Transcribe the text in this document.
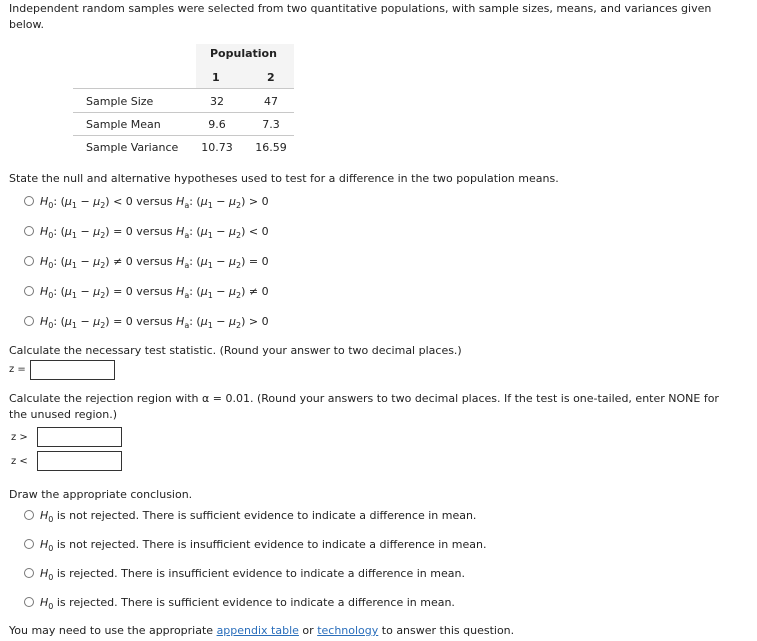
Independent random samples were selected from two quantitative populations, with sample sizes, means, and variances given below.
Population
1	2
Sample Size	32	47
Sample Mean	9.6	7.3
Sample Variance	10.73	16.59
State the null and alternative hypotheses used to test for a difference in the two population means.
$H_0$: $(\mu_1 - \mu_2) < 0$ versus $H_a$: $(\mu_1 - \mu_2) > 0$
$H_0$: $(\mu_1 - \mu_2) = 0$ versus $H_a$: $(\mu_1 - \mu_2) < 0$
$H_0$: $(\mu_1 - \mu_2) \ne 0$ versus $H_a$: $(\mu_1 - \mu_2) = 0$
$H_0$: $(\mu_1 - \mu_2) = 0$ versus $H_a$: $(\mu_1 - \mu_2) \ne 0$
$H_0$: $(\mu_1 - \mu_2) = 0$ versus $H_a$: $(\mu_1 - \mu_2) > 0$
Calculate the necessary test statistic. (Round your answer to two decimal places.)
z =
Calculate the rejection region with α = 0.01. (Round your answers to two decimal places. If the test is one-tailed, enter NONE for the unused region.)
z >
z <
Draw the appropriate conclusion.
$H_0$ is not rejected. There is sufficient evidence to indicate a difference in mean.
$H_0$ is not rejected. There is insufficient evidence to indicate a difference in mean.
$H_0$ is rejected. There is insufficient evidence to indicate a difference in mean.
$H_0$ is rejected. There is sufficient evidence to indicate a difference in mean.
You may need to use the appropriate appendix table or technology to answer this question.
